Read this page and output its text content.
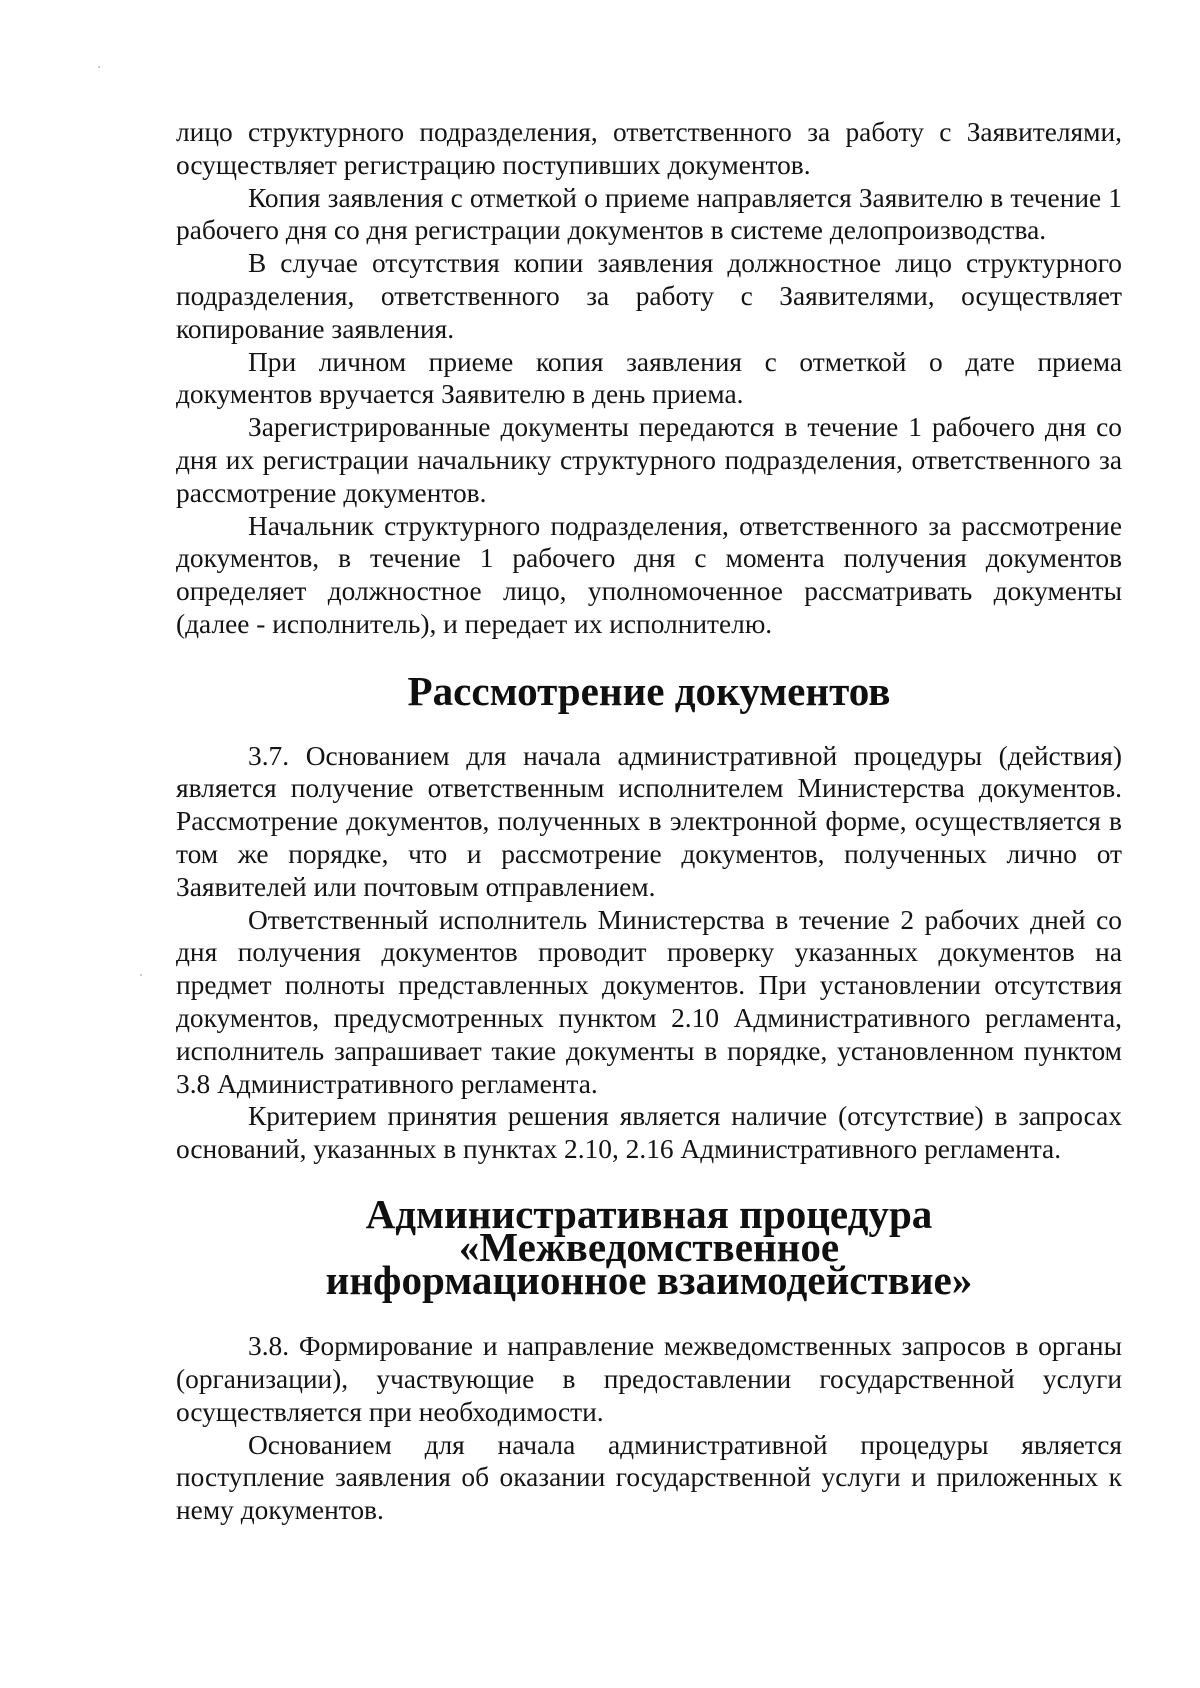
лицо структурного подразделения, ответственного за работу с Заявителями, осуществляет регистрацию поступивших документов.

Копия заявления с отметкой о приеме направляется Заявителю в течение 1 рабочего дня со дня регистрации документов в системе делопроизводства.

В случае отсутствия копии заявления должностное лицо структурного подразделения, ответственного за работу с Заявителями, осуществляет копирование заявления.

При личном приеме копия заявления с отметкой о дате приема документов вручается Заявителю в день приема.

Зарегистрированные документы передаются в течение 1 рабочего дня со дня их регистрации начальнику структурного подразделения, ответственного за рассмотрение документов.

Начальник структурного подразделения, ответственного за рассмотрение документов, в течение 1 рабочего дня с момента получения документов определяет должностное лицо, уполномоченное рассматривать документы (далее - исполнитель), и передает их исполнителю.

Рассмотрение документов

3.7. Основанием для начала административной процедуры (действия) является получение ответственным исполнителем Министерства документов. Рассмотрение документов, полученных в электронной форме, осуществляется в том же порядке, что и рассмотрение документов, полученных лично от Заявителей или почтовым отправлением.

Ответственный исполнитель Министерства в течение 2 рабочих дней со дня получения документов проводит проверку указанных документов на предмет полноты представленных документов. При установлении отсутствия документов, предусмотренных пунктом 2.10 Административного регламента, исполнитель запрашивает такие документы в порядке, установленном пунктом 3.8 Административного регламента.

Критерием принятия решения является наличие (отсутствие) в запросах оснований, указанных в пунктах 2.10, 2.16 Административного регламента.

Административная процедура «Межведомственное
информационное взаимодействие»

3.8. Формирование и направление межведомственных запросов в органы (организации), участвующие в предоставлении государственной услуги осуществляется при необходимости.

Основанием для начала административной процедуры является поступление заявления об оказании государственной услуги и приложенных к нему документов.
